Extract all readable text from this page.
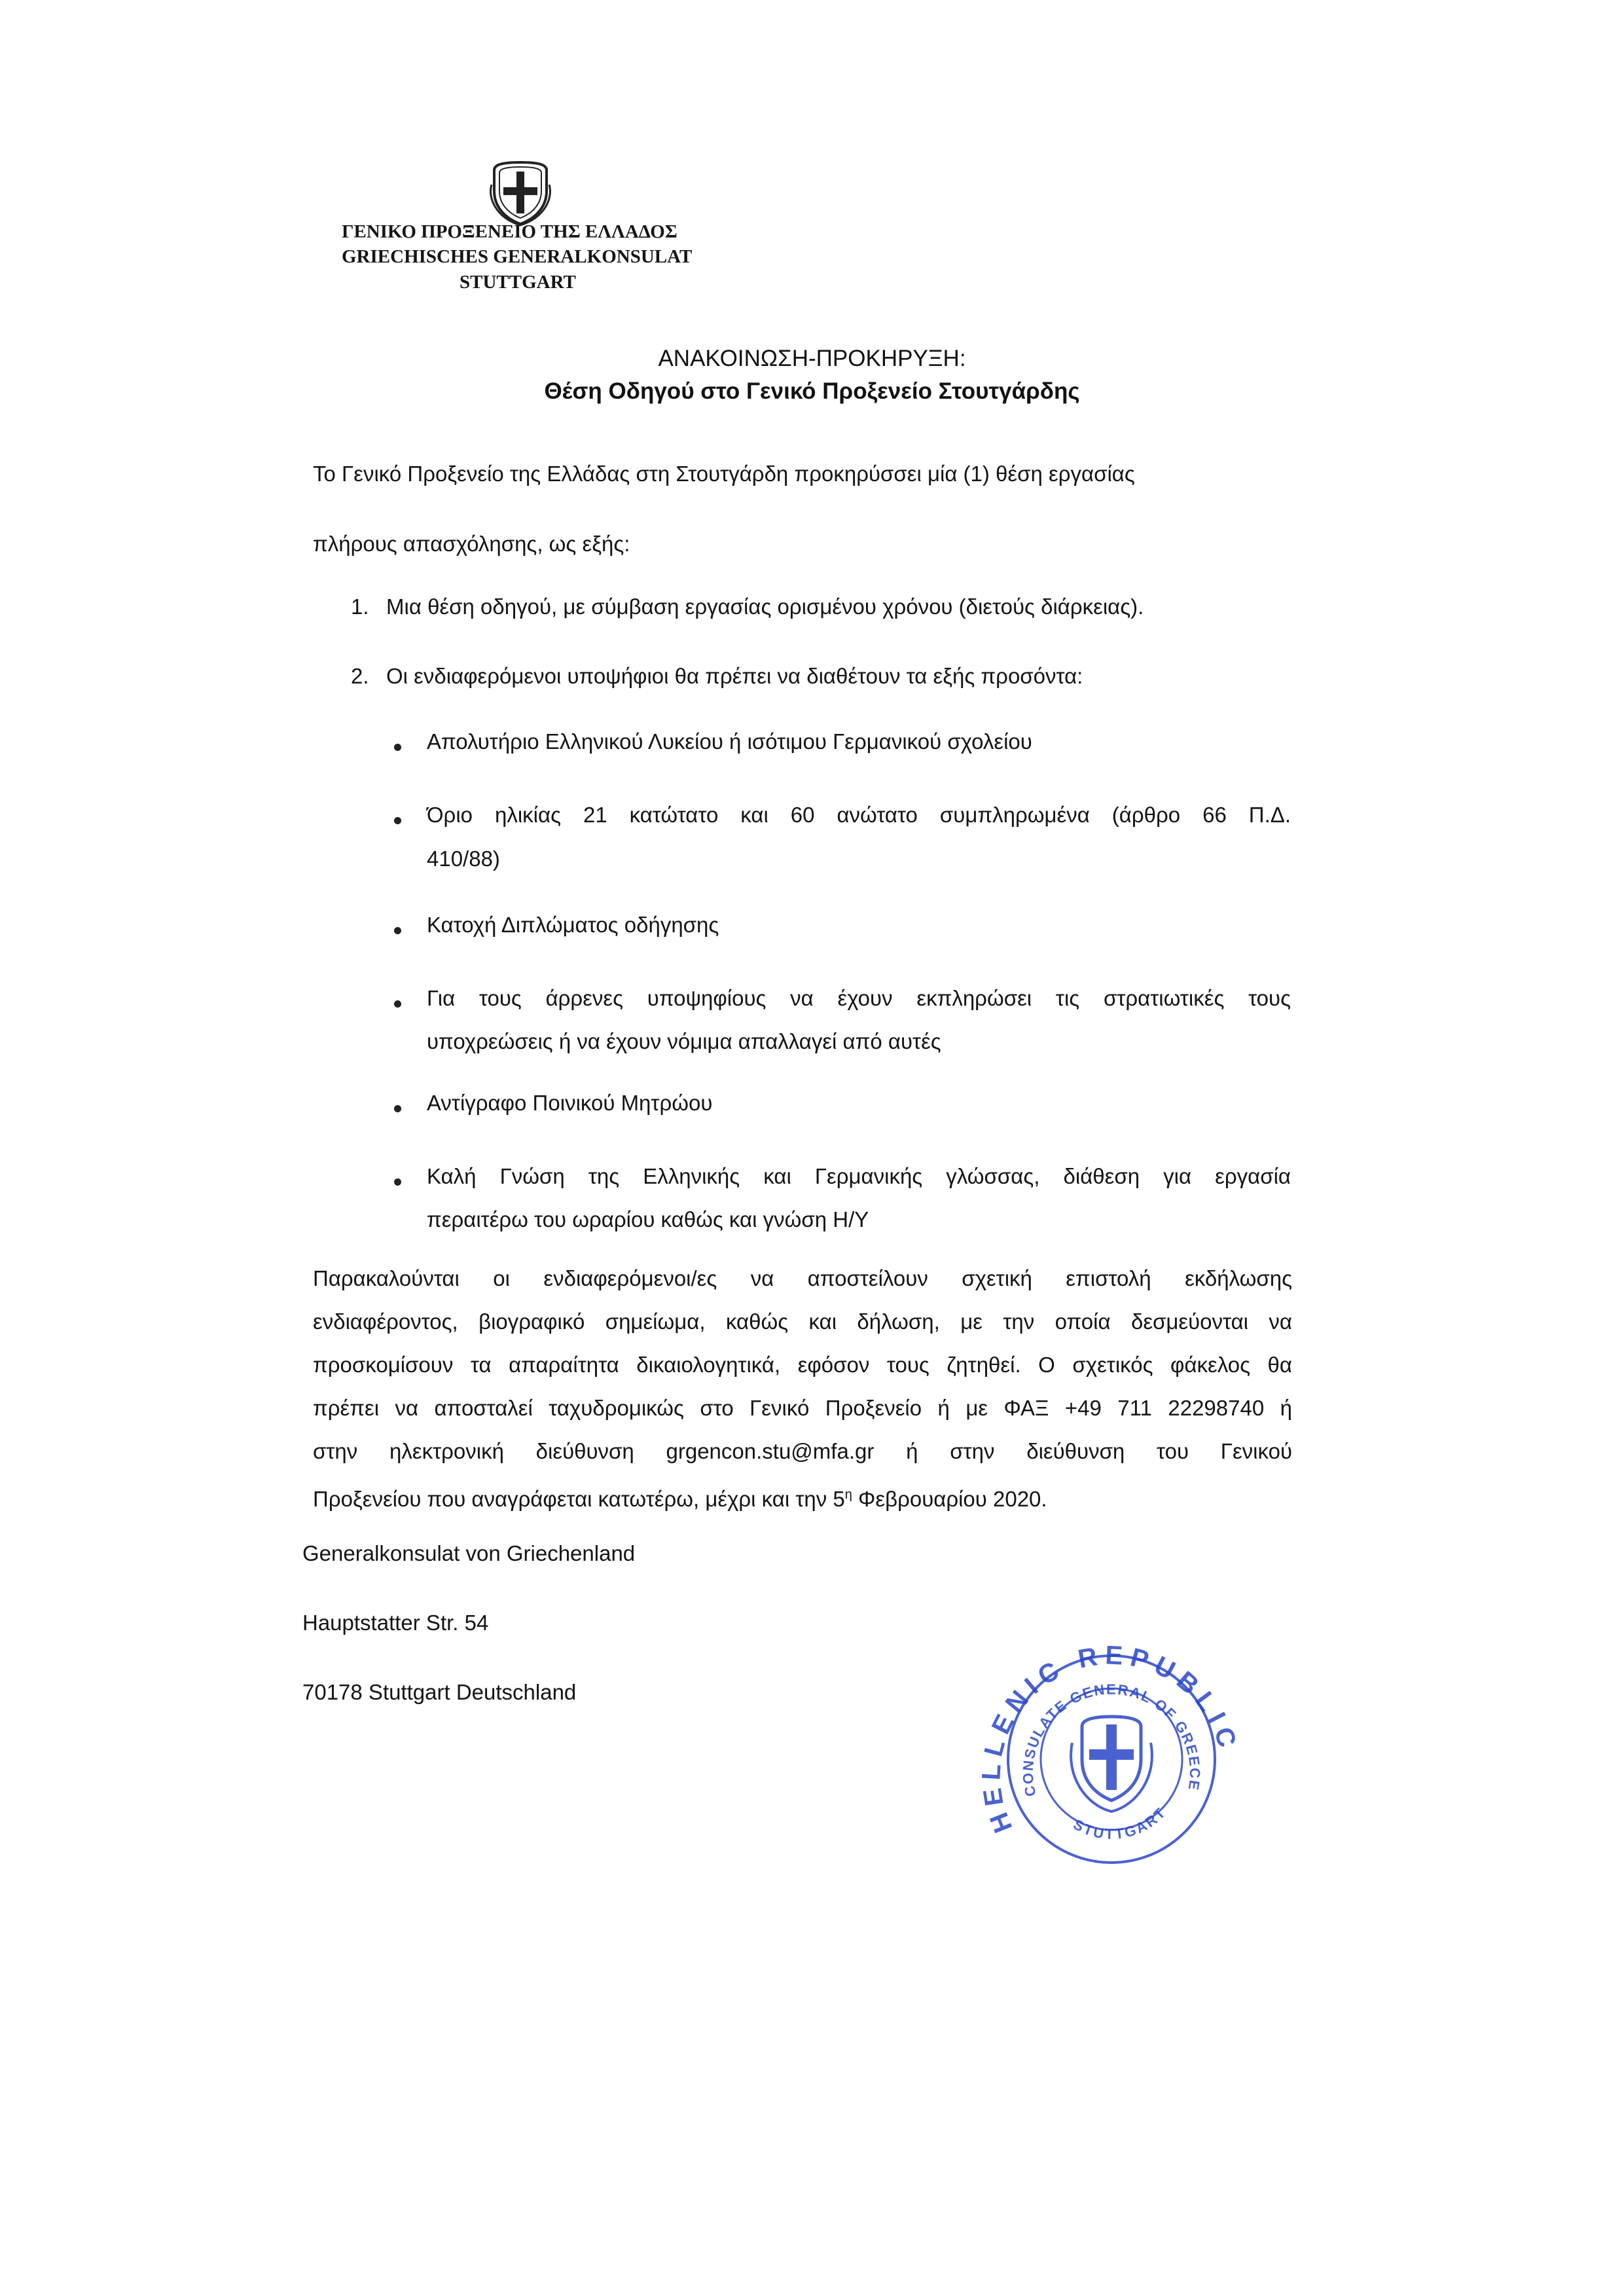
ΓΕΝΙΚΟ ΠΡΟΞΕΝΕΙΟ ΤΗΣ ΕΛΛΑΔΟΣ
GRIECHISCHES GENERALKONSULAT
STUTTGART
ΑΝΑΚΟΙΝΩΣΗ-ΠΡΟΚΗΡΥΞΗ:
Θέση Οδηγού στο Γενικό Προξενείο Στουτγάρδης
Το Γενικό Προξενείο της Ελλάδας στη Στουτγάρδη προκηρύσσει μία (1) θέση εργασίας
πλήρους απασχόλησης, ως εξής:
1. Μια θέση οδηγού, με σύμβαση εργασίας ορισμένου χρόνου (διετούς διάρκειας).
2. Οι ενδιαφερόμενοι υποψήφιοι θα πρέπει να διαθέτουν τα εξής προσόντα:
Απολυτήριο Ελληνικού Λυκείου ή ισότιμου Γερμανικού σχολείου
Όριο ηλικίας 21 κατώτατο και 60 ανώτατο συμπληρωμένα (άρθρο 66 Π.Δ.
410/88)
Κατοχή Διπλώματος οδήγησης
Για τους άρρενες υποψηφίους να έχουν εκπληρώσει τις στρατιωτικές τους
υποχρεώσεις ή να έχουν νόμιμα απαλλαγεί από αυτές
Αντίγραφο Ποινικού Μητρώου
Καλή Γνώση της Ελληνικής και Γερμανικής γλώσσας, διάθεση για εργασία
περαιτέρω του ωραρίου καθώς και γνώση Η/Υ
Παρακαλούνται οι ενδιαφερόμενοι/ες να αποστείλουν σχετική επιστολή εκδήλωσης
ενδιαφέροντος, βιογραφικό σημείωμα, καθώς και δήλωση, με την οποία δεσμεύονται να
προσκομίσουν τα απαραίτητα δικαιολογητικά, εφόσον τους ζητηθεί. Ο σχετικός φάκελος θα
πρέπει να αποσταλεί ταχυδρομικώς στο Γενικό Προξενείο ή με ΦΑΞ +49 711 22298740 ή
στην ηλεκτρονική διεύθυνση grgencon.stu@mfa.gr ή στην διεύθυνση του Γενικού
Προξενείου που αναγράφεται κατωτέρω, μέχρι και την $5^\eta$ Φεβρουαρίου 2020.
Generalkonsulat von Griechenland
Hauptstatter Str. 54
70178 Stuttgart Deutschland
HELLENIC REPUBLIC
CONSULATE GENERAL OF GREECE
STUTTGART
